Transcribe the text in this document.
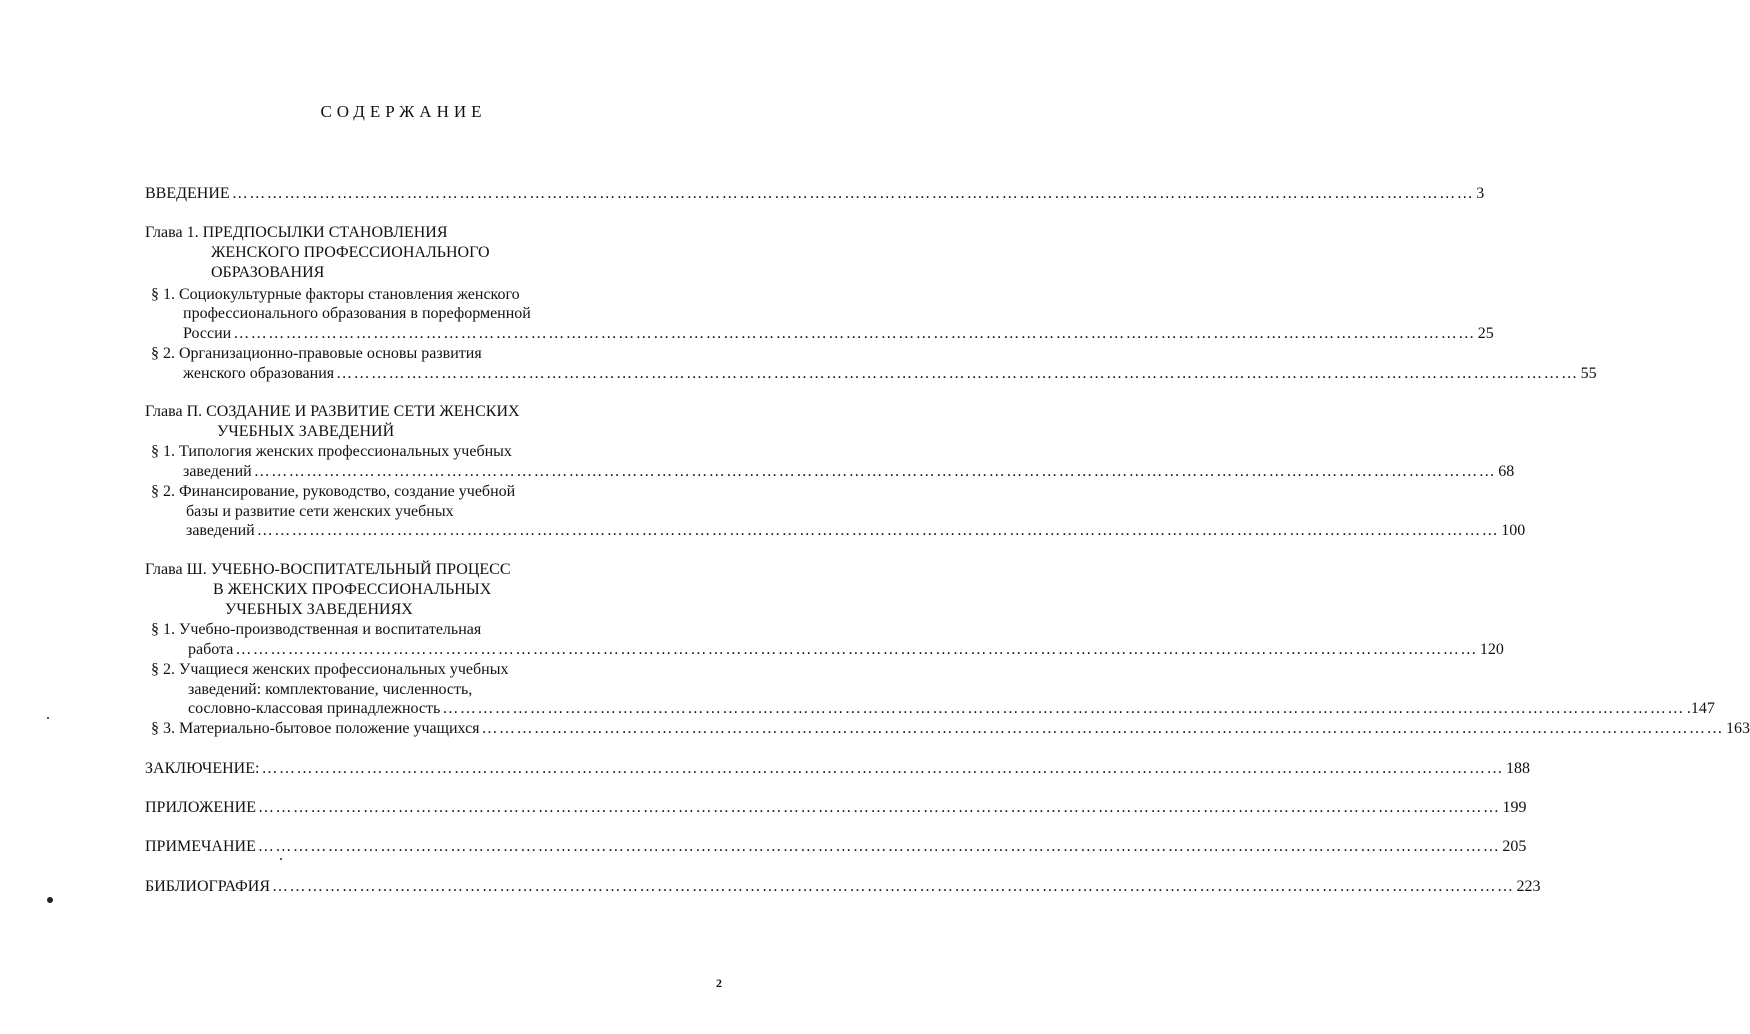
СОДЕРЖАНИЕ
ВВЕДЕНИЕ …………………………………………………………………………………………………………………………………………………………………………………………… 3
Глава 1. ПРЕДПОСЫЛКИ СТАНОВЛЕНИЯ
ЖЕНСКОГО ПРОФЕССИОНАЛЬНОГО
ОБРАЗОВАНИЯ
§ 1. Социокультурные факторы становления женского
профессионального образования в пореформенной
России …………………………………………………………………………………………………………………………………………………………………………………………… 25
§ 2. Организационно-правовые основы развития
женского образования …………………………………………………………………………………………………………………………………………………………………………………………… 55
Глава П. СОЗДАНИЕ И РАЗВИТИЕ СЕТИ ЖЕНСКИХ
УЧЕБНЫХ ЗАВЕДЕНИЙ
§ 1. Типология женских профессиональных учебных
заведений …………………………………………………………………………………………………………………………………………………………………………………………… 68
§ 2. Финансирование, руководство, создание учебной
базы и развитие сети женских учебных
заведений …………………………………………………………………………………………………………………………………………………………………………………………… 100
Глава Ш. УЧЕБНО-ВОСПИТАТЕЛЬНЫЙ ПРОЦЕСС
В ЖЕНСКИХ ПРОФЕССИОНАЛЬНЫХ
УЧЕБНЫХ ЗАВЕДЕНИЯХ
§ 1. Учебно-производственная и воспитательная
работа …………………………………………………………………………………………………………………………………………………………………………………………… 120
§ 2. Учащиеся женских профессиональных учебных
заведений: комплектование, численность,
сословно-классовая принадлежность …………………………………………………………………………………………………………………………………………………………………………………………… .147
§ 3. Материально-бытовое положение учащихся …………………………………………………………………………………………………………………………………………………………………………………………… 163
ЗАКЛЮЧЕНИЕ: …………………………………………………………………………………………………………………………………………………………………………………………… 188
ПРИЛОЖЕНИЕ …………………………………………………………………………………………………………………………………………………………………………………………… 199
ПРИМЕЧАНИЕ …………………………………………………………………………………………………………………………………………………………………………………………… 205
БИБЛИОГРАФИЯ …………………………………………………………………………………………………………………………………………………………………………………………… 223
2
